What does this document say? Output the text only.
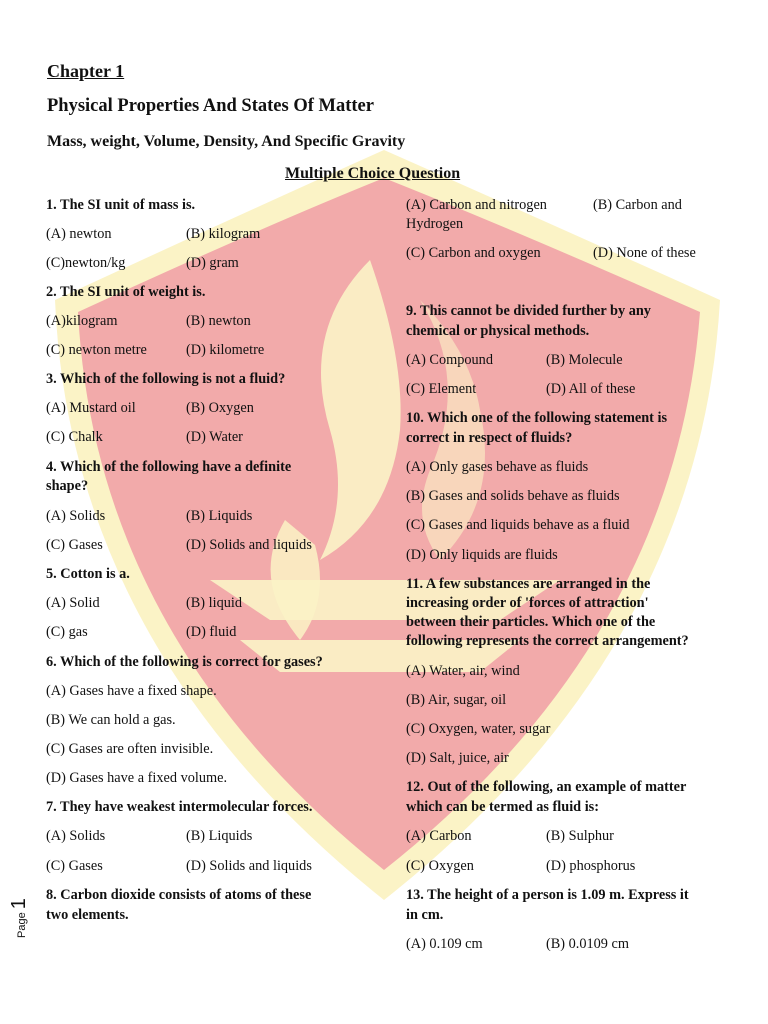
Chapter 1
Physical Properties And States Of Matter
Mass, weight, Volume, Density, And Specific Gravity
Multiple Choice Question
1. The SI unit of mass is.
(A) newton	(B) kilogram
(C)newton/kg	(D) gram
2. The SI unit of weight is.
(A)kilogram	(B) newton
(C) newton metre	(D) kilometre
3. Which of the following is not a fluid?
(A) Mustard oil	(B) Oxygen
(C) Chalk	(D) Water
4. Which of the following have a definite
shape?
(A) Solids	(B) Liquids
(C) Gases	(D) Solids and liquids
5. Cotton is a.
(A) Solid	(B) liquid
(C) gas	(D) fluid
6. Which of the following is correct for gases?
(A) Gases have a fixed shape.
(B) We can hold a gas.
(C) Gases are often invisible.
(D) Gases have a fixed volume.
7. They have weakest intermolecular forces.
(A) Solids	(B) Liquids
(C) Gases	(D) Solids and liquids
8. Carbon dioxide consists of atoms of these
two elements.
(A) Carbon and nitrogen	(B) Carbon and
Hydrogen
(C) Carbon and oxygen	(D) None of these
9. This cannot be divided further by any
chemical or physical methods.
(A) Compound	(B) Molecule
(C) Element	(D) All of these
10. Which one of the following statement is
correct in respect of fluids?
(A) Only gases behave as fluids
(B) Gases and solids behave as fluids
(C) Gases and liquids behave as a fluid
(D) Only liquids are fluids
11. A few substances are arranged in the
increasing order of 'forces of attraction'
between their particles. Which one of the
following represents the correct arrangement?
(A) Water, air, wind
(B) Air, sugar, oil
(C) Oxygen, water, sugar
(D) Salt, juice, air
12. Out of the following, an example of matter
which can be termed as fluid is:
(A) Carbon	(B) Sulphur
(C) Oxygen	(D) phosphorus
13. The height of a person is 1.09 m. Express it
in cm.
(A) 0.109 cm	(B) 0.0109 cm
Page 1
